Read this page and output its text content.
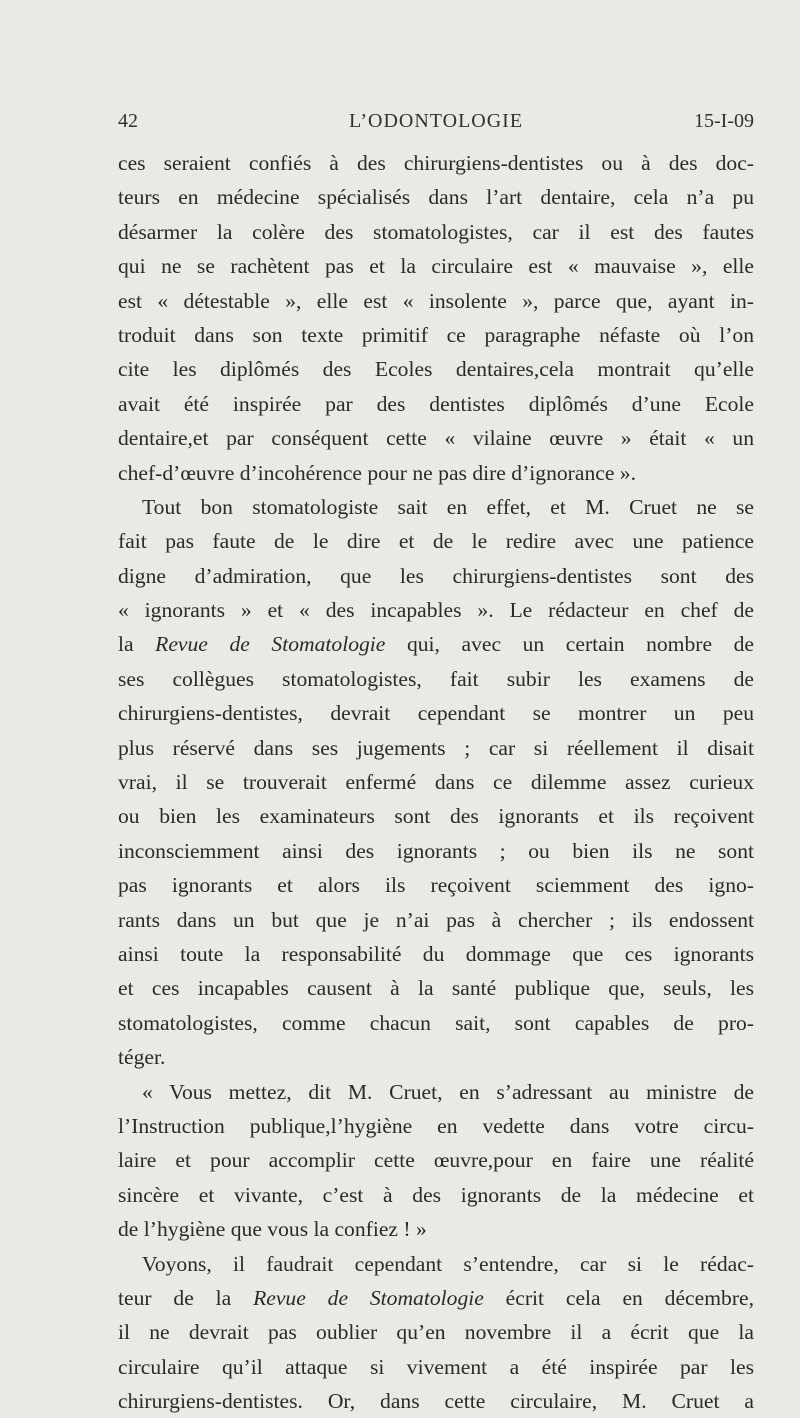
42	L’ODONTOLOGIE	15-I-09
ces seraient confiés à des chirurgiens-dentistes ou à des doc-
teurs en médecine spécialisés dans l’art dentaire, cela n’a pu
désarmer la colère des stomatologistes, car il est des fautes
qui ne se rachètent pas et la circulaire est « mauvaise », elle
est « détestable », elle est « insolente », parce que, ayant in-
troduit dans son texte primitif ce paragraphe néfaste où l’on
cite les diplômés des Ecoles dentaires,cela montrait qu’elle
avait été inspirée par des dentistes diplômés d’une Ecole
dentaire,et par conséquent cette « vilaine œuvre » était « un
chef-d’œuvre d’incohérence pour ne pas dire d’ignorance ».
Tout bon stomatologiste sait en effet, et M. Cruet ne se
fait pas faute de le dire et de le redire avec une patience
digne d’admiration, que les chirurgiens-dentistes sont des
« ignorants » et « des incapables ». Le rédacteur en chef de
la Revue de Stomatologie qui, avec un certain nombre de
ses collègues stomatologistes, fait subir les examens de
chirurgiens-dentistes, devrait cependant se montrer un peu
plus réservé dans ses jugements ; car si réellement il disait
vrai, il se trouverait enfermé dans ce dilemme assez curieux
ou bien les examinateurs sont des ignorants et ils reçoivent
inconsciemment ainsi des ignorants ; ou bien ils ne sont
pas ignorants et alors ils reçoivent sciemment des igno-
rants dans un but que je n’ai pas à chercher ; ils endossent
ainsi toute la responsabilité du dommage que ces ignorants
et ces incapables causent à la santé publique que, seuls, les
stomatologistes, comme chacun sait, sont capables de pro-
téger.
« Vous mettez, dit M. Cruet, en s’adressant au ministre de
l’Instruction publique,l’hygiène en vedette dans votre circu-
laire et pour accomplir cette œuvre,pour en faire une réalité
sincère et vivante, c’est à des ignorants de la médecine et
de l’hygiène que vous la confiez ! »
Voyons, il faudrait cependant s’entendre, car si le rédac-
teur de la Revue de Stomatologie écrit cela en décembre,
il ne devrait pas oublier qu’en novembre il a écrit que la
circulaire qu’il attaque si vivement a été inspirée par les
chirurgiens-dentistes. Or, dans cette circulaire, M. Cruet a
